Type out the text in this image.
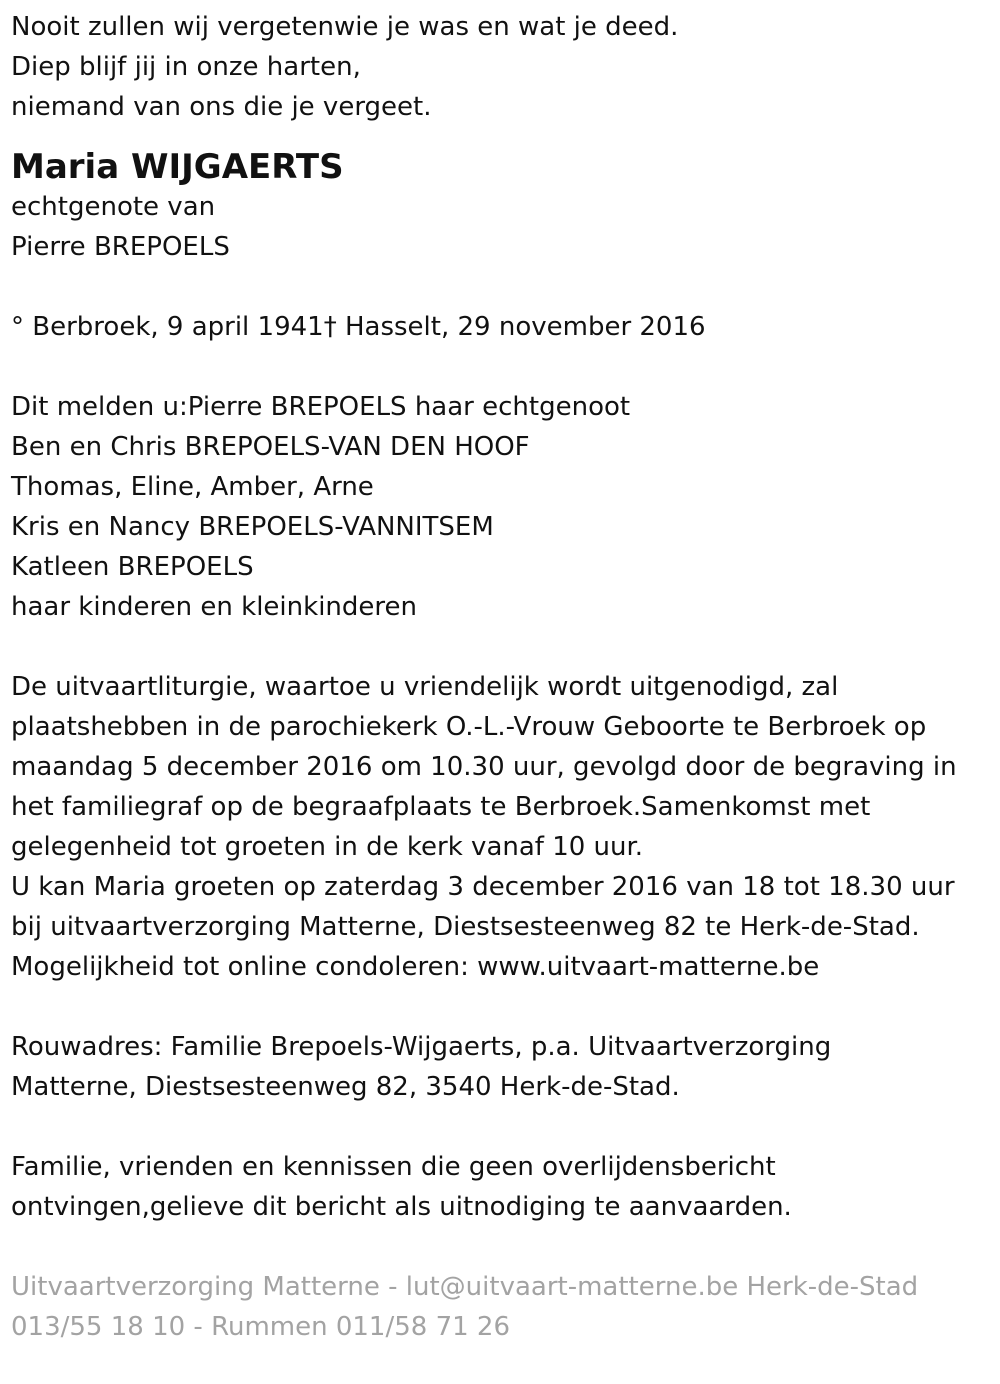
Nooit zullen wij vergetenwie je was en wat je deed.

Diep blijf jij in onze harten,

niemand van ons die je vergeet.

Maria WIJGAERTS

echtgenote van

Pierre BREPOELS

° Berbroek, 9 april 1941† Hasselt, 29 november 2016

Dit melden u:Pierre BREPOELS haar echtgenoot

Ben en Chris BREPOELS-VAN DEN HOOF

Thomas, Eline, Amber, Arne

Kris en Nancy BREPOELS-VANNITSEM

Katleen BREPOELS

haar kinderen en kleinkinderen

De uitvaartliturgie, waartoe u vriendelijk wordt uitgenodigd, zal

plaatshebben in de parochiekerk O.-L.-Vrouw Geboorte te Berbroek op

maandag 5 december 2016 om 10.30 uur, gevolgd door de begraving in

het familiegraf op de begraafplaats te Berbroek.Samenkomst met

gelegenheid tot groeten in de kerk vanaf 10 uur.

U kan Maria groeten op zaterdag 3 december 2016 van 18 tot 18.30 uur

bij uitvaartverzorging Matterne, Diestsesteenweg 82 te Herk-de-Stad.

Mogelijkheid tot online condoleren: www.uitvaart-matterne.be

Rouwadres: Familie Brepoels-Wijgaerts, p.a. Uitvaartverzorging

Matterne, Diestsesteenweg 82, 3540 Herk-de-Stad.

Familie, vrienden en kennissen die geen overlijdensbericht

ontvingen,gelieve dit bericht als uitnodiging te aanvaarden.

Uitvaartverzorging Matterne - lut@uitvaart-matterne.be Herk-de-Stad

013/55 18 10 - Rummen 011/58 71 26
